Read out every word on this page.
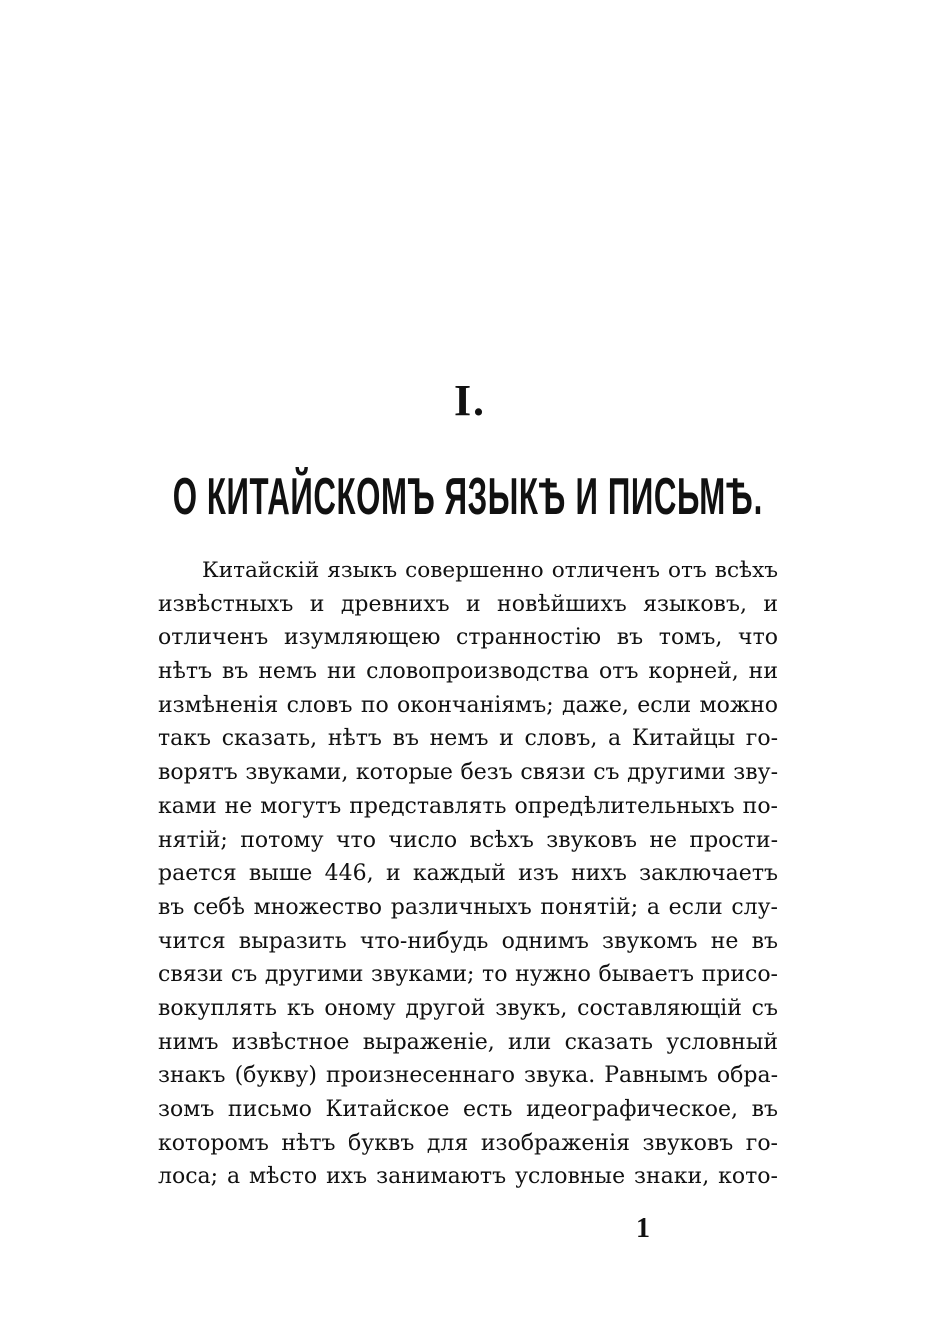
I.
О КИТАЙСКОМЪ ЯЗЫКѢ И ПИСЬМѢ.
Китайскій языкъ совершенно отличенъ отъ всѣхъ
извѣстныхъ и древнихъ и новѣйшихъ языковъ, и
отличенъ изумляющею странностію въ томъ, что
нѣтъ въ немъ ни словопроизводства отъ корней, ни
измѣненія словъ по окончаніямъ; даже, если можно
такъ сказать, нѣтъ въ немъ и словъ, а Китайцы го-
ворятъ звуками, которые безъ связи съ другими зву-
ками не могутъ представлять опредѣлительныхъ по-
нятій; потому что число всѣхъ звуковъ не прости-
рается выше 446, и каждый изъ нихъ заключаетъ
въ себѣ множество различныхъ понятій; а если слу-
чится выразить что-нибудь однимъ звукомъ не въ
связи съ другими звуками; то нужно бываетъ присо-
вокуплять къ оному другой звукъ, составляющій съ
нимъ извѣстное выраженіе, или сказать условный
знакъ (букву) произнесеннаго звука. Равнымъ обра-
зомъ письмо Китайское есть идеографическое, въ
которомъ нѣтъ буквъ для изображенія звуковъ го-
лоса; а мѣсто ихъ занимаютъ условные знаки, кото-
1
